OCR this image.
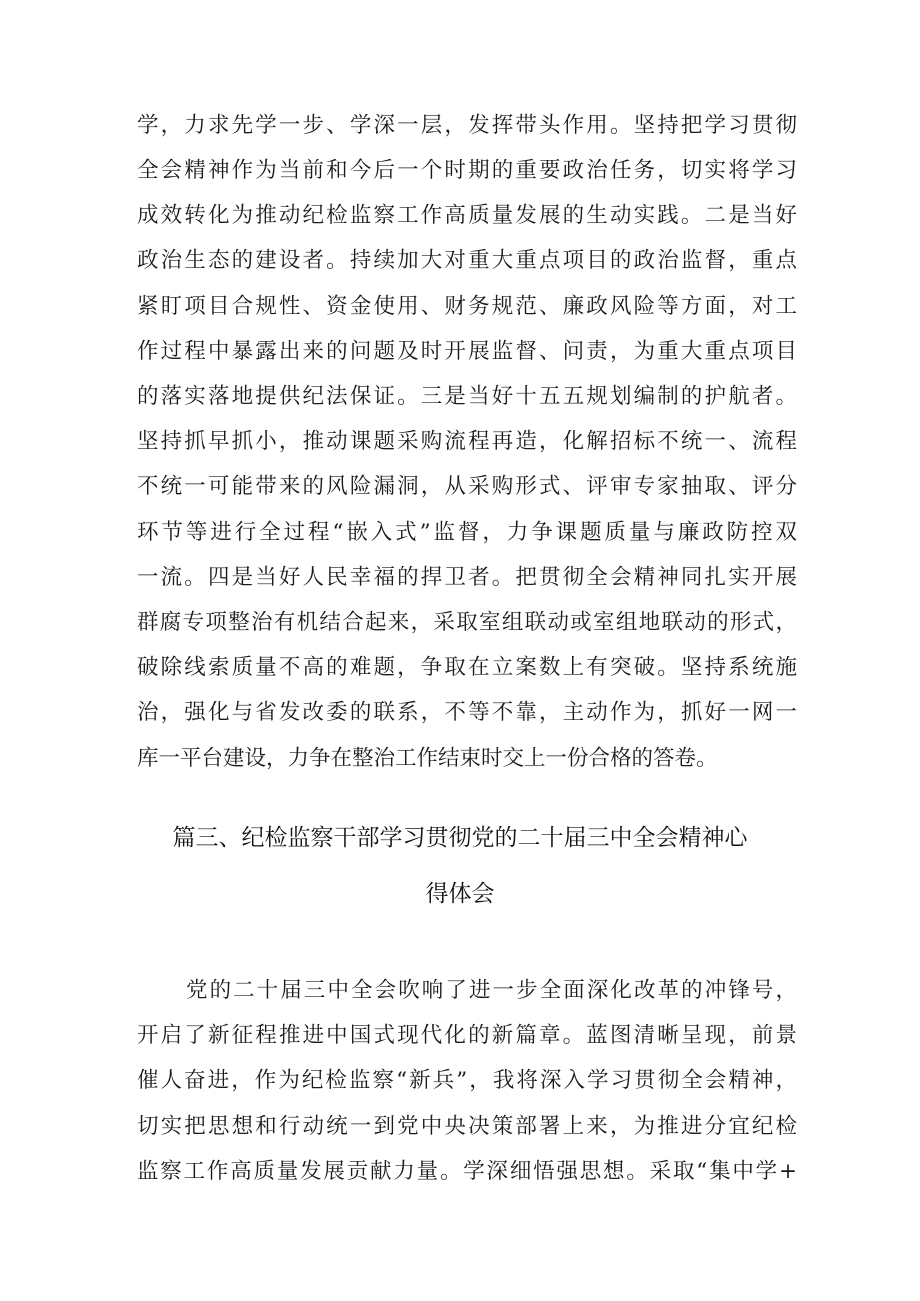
学，力求先学一步、学深一层，发挥带头作用。坚持把学习贯彻
全会精神作为当前和今后一个时期的重要政治任务，切实将学习
成效转化为推动纪检监察工作高质量发展的生动实践。二是当好
政治生态的建设者。持续加大对重大重点项目的政治监督，重点
紧盯项目合规性、资金使用、财务规范、廉政风险等方面，对工
作过程中暴露出来的问题及时开展监督、问责，为重大重点项目
的落实落地提供纪法保证。三是当好十五五规划编制的护航者。
坚持抓早抓小，推动课题采购流程再造，化解招标不统一、流程
不统一可能带来的风险漏洞，从采购形式、评审专家抽取、评分
环节等进行全过程“嵌入式”监督，力争课题质量与廉政防控双
一流。四是当好人民幸福的捍卫者。把贯彻全会精神同扎实开展
群腐专项整治有机结合起来，采取室组联动或室组地联动的形式，
破除线索质量不高的难题，争取在立案数上有突破。坚持系统施
治，强化与省发改委的联系，不等不靠，主动作为，抓好一网一
库一平台建设，力争在整治工作结束时交上一份合格的答卷。
篇三、纪检监察干部学习贯彻党的二十届三中全会精神心
得体会
党的二十届三中全会吹响了进一步全面深化改革的冲锋号，
开启了新征程推进中国式现代化的新篇章。蓝图清晰呈现，前景
催人奋进，作为纪检监察“新兵”，我将深入学习贯彻全会精神，
切实把思想和行动统一到党中央决策部署上来，为推进分宜纪检
监察工作高质量发展贡献力量。学深细悟强思想。采取“集中学+
